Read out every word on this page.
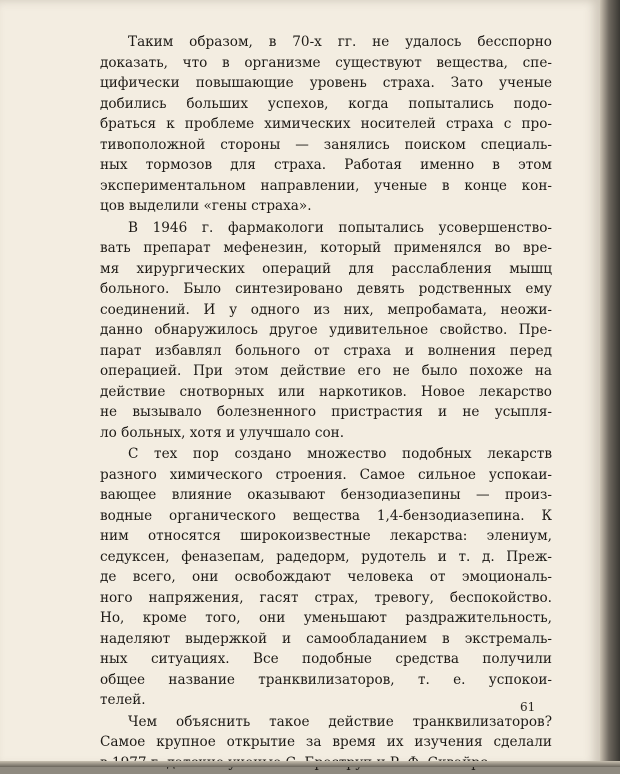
Таким образом, в 70-х гг. не удалось бесспорно
доказать, что в организме существуют вещества, спе-
цифически повышающие уровень страха. Зато ученые
добились больших успехов, когда попытались подо-
браться к проблеме химических носителей страха с про-
тивоположной стороны — занялись поиском специаль-
ных тормозов для страха. Работая именно в этом
экспериментальном направлении, ученые в конце кон-
цов выделили «гены страха».
В 1946 г. фармакологи попытались усовершенство-
вать препарат мефенезин, который применялся во вре-
мя хирургических операций для расслабления мышц
больного. Было синтезировано девять родственных ему
соединений. И у одного из них, мепробамата, неожи-
данно обнаружилось другое удивительное свойство. Пре-
парат избавлял больного от страха и волнения перед
операцией. При этом действие его не было похоже на
действие снотворных или наркотиков. Новое лекарство
не вызывало болезненного пристрастия и не усыпля-
ло больных, хотя и улучшало сон.
С тех пор создано множество подобных лекарств
разного химического строения. Самое сильное успокаи-
вающее влияние оказывают бензодиазепины — произ-
водные органического вещества 1,4-бензодиазепина. К
ним относятся широкоизвестные лекарства: элениум,
седуксен, феназепам, радедорм, рудотель и т. д. Преж-
де всего, они освобождают человека от эмоциональ-
ного напряжения, гасят страх, тревогу, беспокойство.
Но, кроме того, они уменьшают раздражительность,
наделяют выдержкой и самообладанием в экстремаль-
ных ситуациях. Все подобные средства получили
общее название транквилизаторов, т. е. успокои-
телей.
Чем объяснить такое действие транквилизаторов?
Самое крупное открытие за время их изучения сделали
61
